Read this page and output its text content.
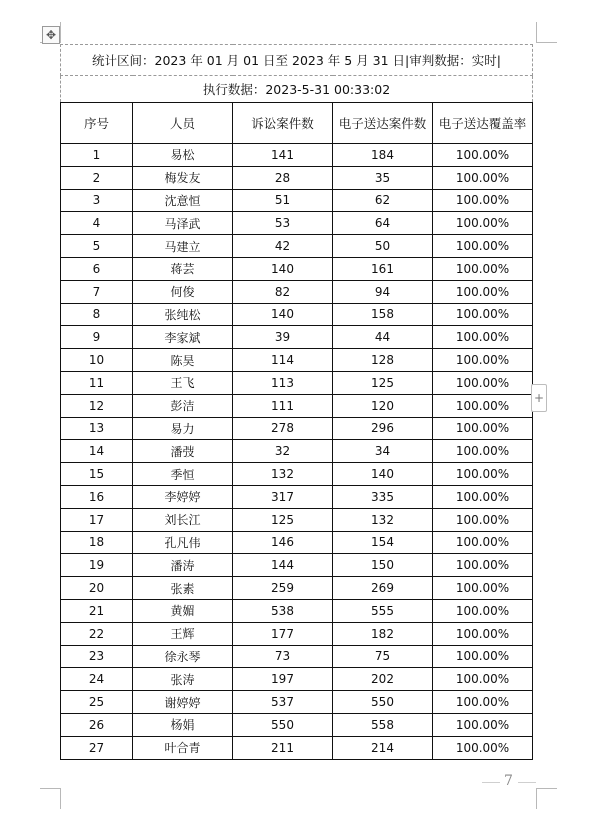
✥
统计区间：2023 年 01 月 01 日至 2023 年 5 月 31 日|审判数据：实时|				
执行数据：2023-5-31 00:33:02				
序号	人员	诉讼案件数	电子送达案件数	电子送达覆盖率
1	易松	141	184	100.00%
2	梅发友	28	35	100.00%
3	沈意恒	51	62	100.00%
4	马泽武	53	64	100.00%
5	马建立	42	50	100.00%
6	蒋芸	140	161	100.00%
7	何俊	82	94	100.00%
8	张纯松	140	158	100.00%
9	李家斌	39	44	100.00%
10	陈昊	114	128	100.00%
11	王飞	113	125	100.00%
12	彭洁	111	120	100.00%
13	易力	278	296	100.00%
14	潘弢	32	34	100.00%
15	季恒	132	140	100.00%
16	李婷婷	317	335	100.00%
17	刘长江	125	132	100.00%
18	孔凡伟	146	154	100.00%
19	潘涛	144	150	100.00%
20	张素	259	269	100.00%
21	黄媚	538	555	100.00%
22	王辉	177	182	100.00%
23	徐永琴	73	75	100.00%
24	张涛	197	202	100.00%
25	谢婷婷	537	550	100.00%
26	杨娟	550	558	100.00%
27	叶合青	211	214	100.00%
+
7
